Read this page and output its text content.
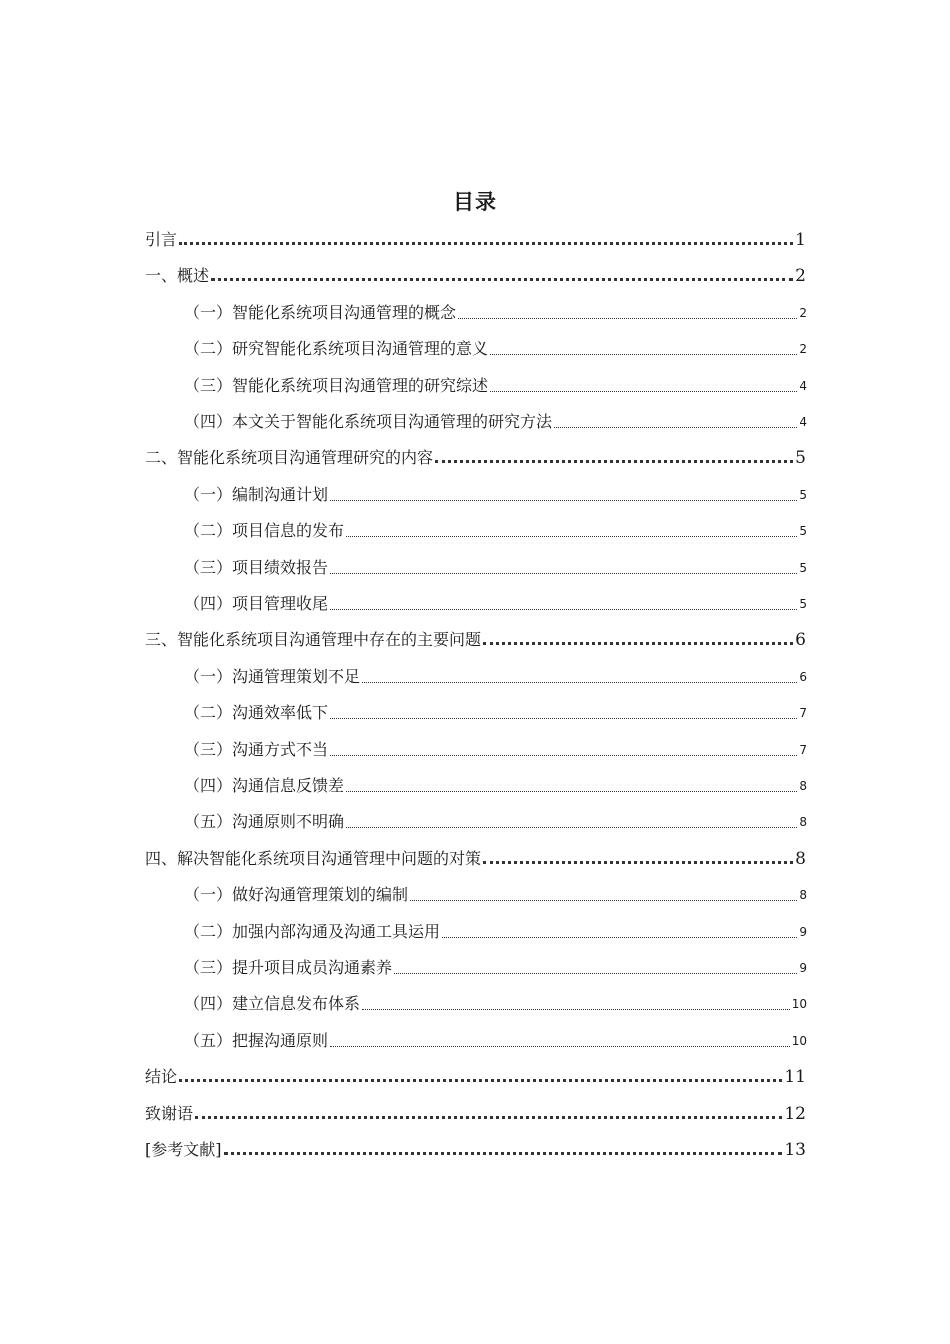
目录
引言	1
一、概述	2
（一）智能化系统项目沟通管理的概念	2
（二）研究智能化系统项目沟通管理的意义	2
（三）智能化系统项目沟通管理的研究综述	4
（四）本文关于智能化系统项目沟通管理的研究方法	4
二、智能化系统项目沟通管理研究的内容	5
（一）编制沟通计划	5
（二）项目信息的发布	5
（三）项目绩效报告	5
（四）项目管理收尾	5
三、智能化系统项目沟通管理中存在的主要问题	6
（一）沟通管理策划不足	6
（二）沟通效率低下	7
（三）沟通方式不当	7
（四）沟通信息反馈差	8
（五）沟通原则不明确	8
四、解决智能化系统项目沟通管理中问题的对策	8
（一）做好沟通管理策划的编制	8
（二）加强内部沟通及沟通工具运用	9
（三）提升项目成员沟通素养	9
（四）建立信息发布体系	10
（五）把握沟通原则	10
结论	11
致谢语	12
[参考文献]	13
